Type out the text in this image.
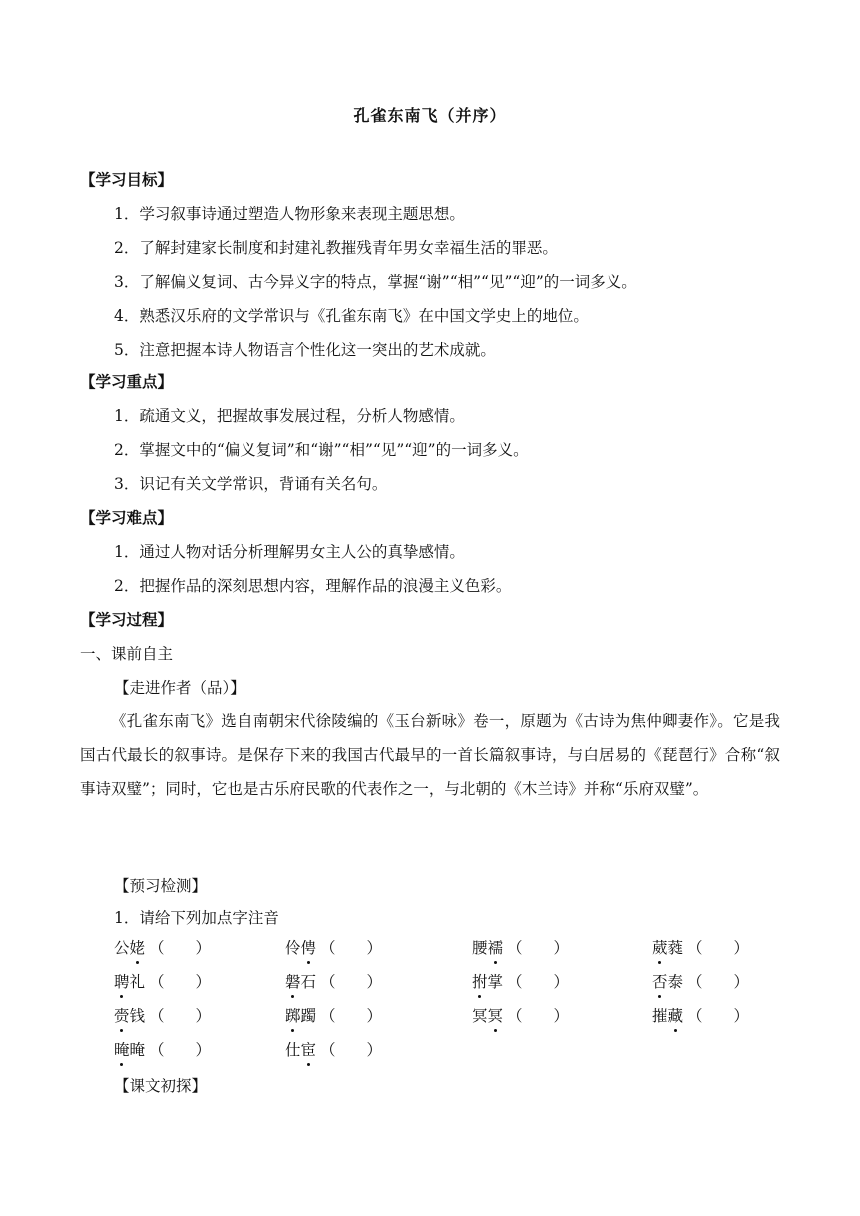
孔雀东南飞（并序）
【学习目标】
1．学习叙事诗通过塑造人物形象来表现主题思想。
2．了解封建家长制度和封建礼教摧残青年男女幸福生活的罪恶。
3．了解偏义复词、古今异义字的特点，掌握“谢”“相”“见”“迎”的一词多义。
4．熟悉汉乐府的文学常识与《孔雀东南飞》在中国文学史上的地位。
5．注意把握本诗人物语言个性化这一突出的艺术成就。
【学习重点】
1．疏通文义，把握故事发展过程，分析人物感情。
2．掌握文中的“偏义复词”和“谢”“相”“见”“迎”的一词多义。
3．识记有关文学常识，背诵有关名句。
【学习难点】
1．通过人物对话分析理解男女主人公的真挚感情。
2．把握作品的深刻思想内容，理解作品的浪漫主义色彩。
【学习过程】
一、课前自主
【走进作者（品）】
《孔雀东南飞》选自南朝宋代徐陵编的《玉台新咏》卷一，原题为《古诗为焦仲卿妻作》。它是我国古代最长的叙事诗。是保存下来的我国古代最早的一首长篇叙事诗，与白居易的《琵琶行》合称“叙事诗双璧”；同时，它也是古乐府民歌的代表作之一，与北朝的《木兰诗》并称“乐府双璧”。
【预习检测】
1．请给下列加点字注音
公姥 （　　）	伶俜 （　　）	腰襦 （　　）	葳蕤 （　　）
聘礼 （　　）	磐石 （　　）	拊掌 （　　）	否泰 （　　）
赍钱 （　　）	踯躅 （　　）	冥冥 （　　）	摧藏 （　　）
晻晻 （　　）	仕宦 （　　）
【课文初探】
